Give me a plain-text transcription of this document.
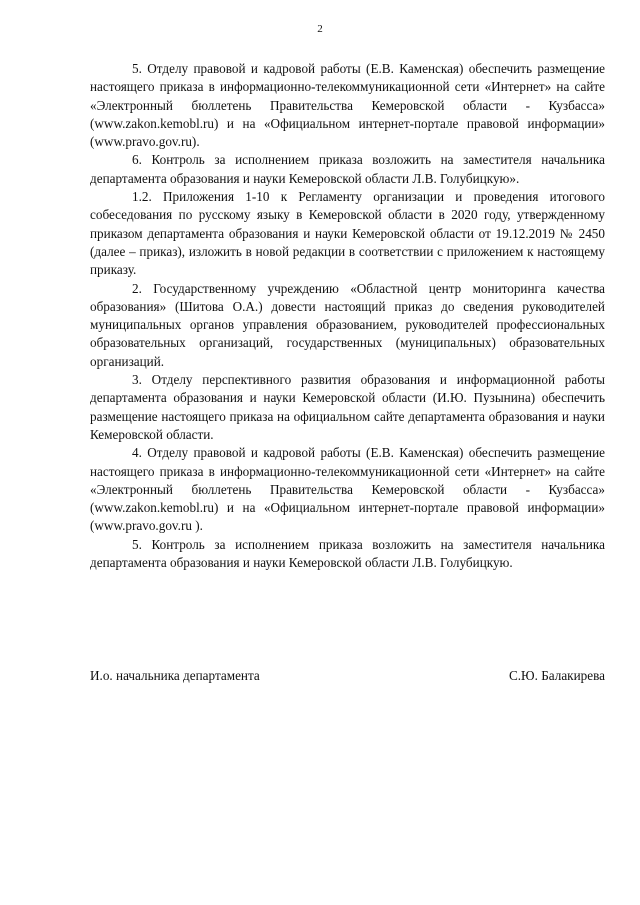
2

5. Отделу правовой и кадровой работы (Е.В. Каменская) обеспечить размещение настоящего приказа в информационно-телекоммуникационной сети «Интернет» на сайте «Электронный бюллетень Правительства Кемеровской области - Кузбасса» (www.zakon.kemobl.ru) и на «Официальном интернет-портале правовой информации» (www.pravo.gov.ru).

6. Контроль за исполнением приказа возложить на заместителя начальника департамента образования и науки Кемеровской области Л.В. Голубицкую».

1.2. Приложения 1-10 к Регламенту организации и проведения итогового собеседования по русскому языку в Кемеровской области в 2020 году, утвержденному приказом департамента образования и науки Кемеровской области от 19.12.2019 № 2450 (далее – приказ), изложить в новой редакции в соответствии с приложением к настоящему приказу.

2. Государственному учреждению «Областной центр мониторинга качества образования» (Шитова О.А.) довести настоящий приказ до сведения руководителей муниципальных органов управления образованием, руководителей профессиональных образовательных организаций, государственных (муниципальных) образовательных организаций.

3. Отделу перспективного развития образования и информационной работы департамента образования и науки Кемеровской области (И.Ю. Пузынина) обеспечить размещение настоящего приказа на официальном сайте департамента образования и науки Кемеровской области.

4. Отделу правовой и кадровой работы (Е.В. Каменская) обеспечить размещение настоящего приказа в информационно-телекоммуникационной сети «Интернет» на сайте «Электронный бюллетень Правительства Кемеровской области - Кузбасса» (www.zakon.kemobl.ru) и на «Официальном интернет-портале правовой информации» (www.pravo.gov.ru ).

5. Контроль за исполнением приказа возложить на заместителя начальника департамента образования и науки Кемеровской области Л.В. Голубицкую.

И.о. начальника департамента	С.Ю. Балакирева
